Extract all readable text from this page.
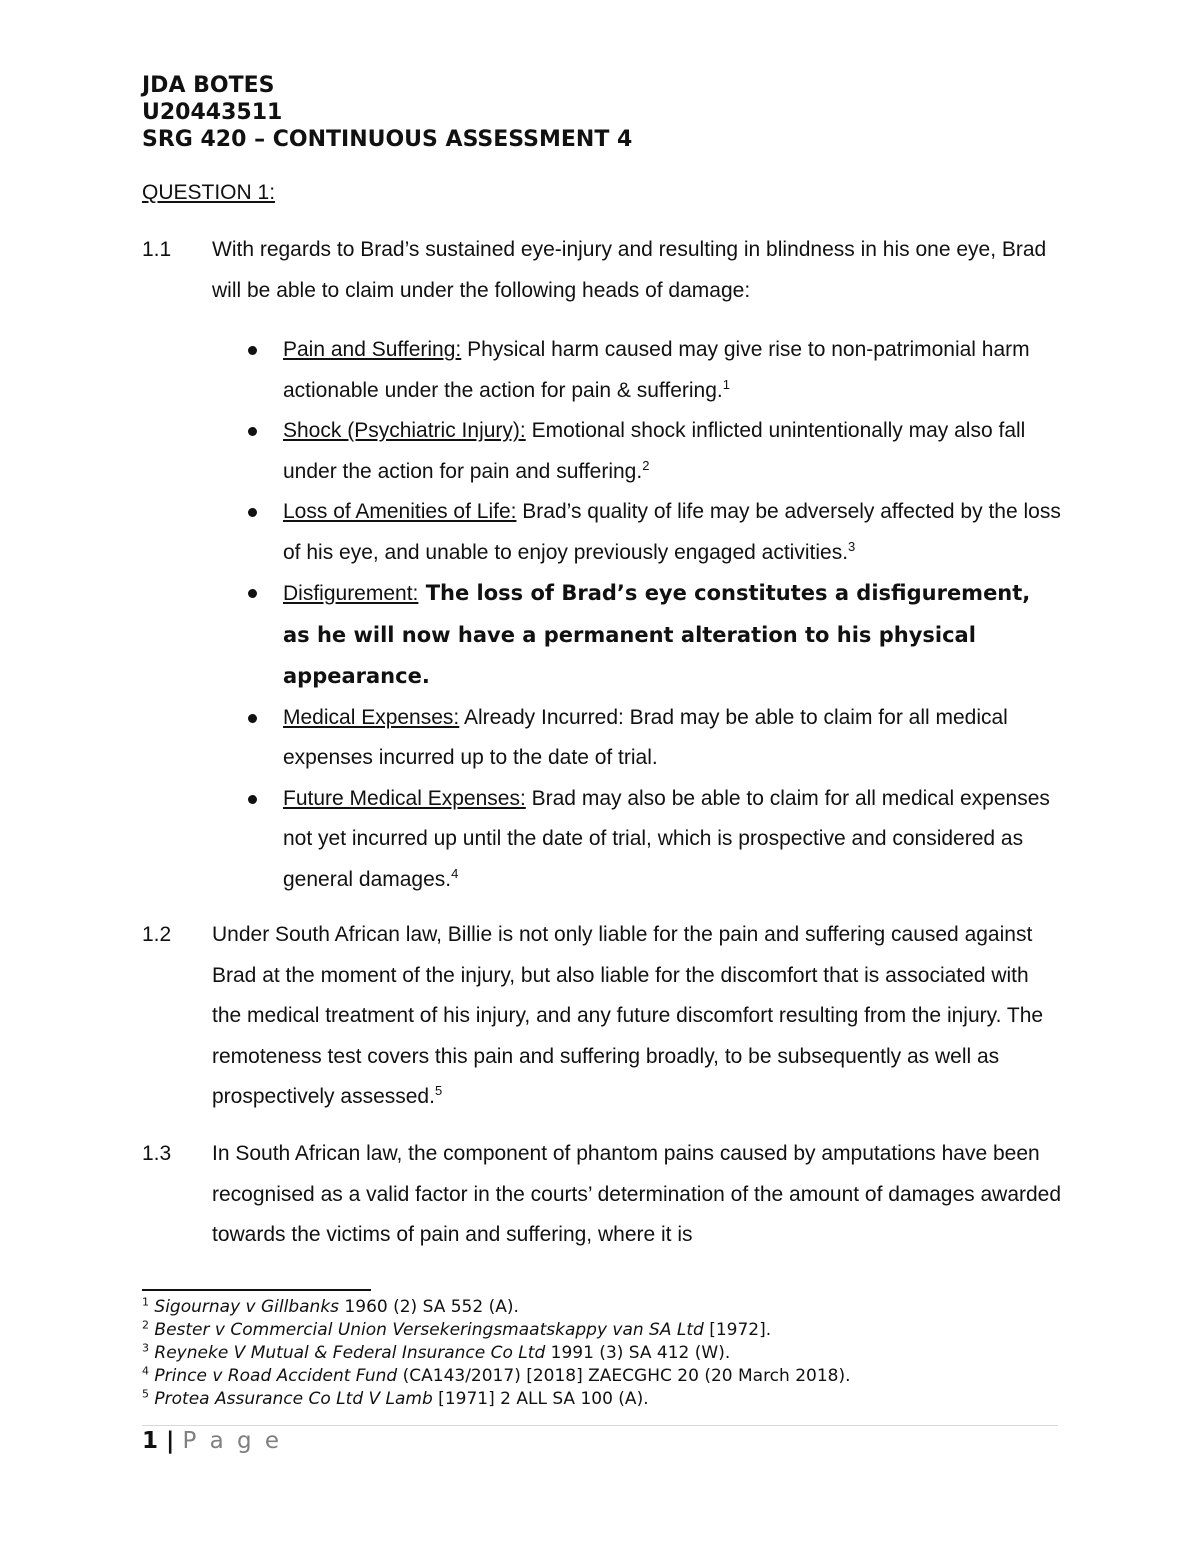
JDA BOTES
U20443511
SRG 420 – CONTINUOUS ASSESSMENT 4
QUESTION 1:
1.1 With regards to Brad’s sustained eye-injury and resulting in blindness in his one eye, Brad will be able to claim under the following heads of damage:
Pain and Suffering: Physical harm caused may give rise to non-patrimonial harm actionable under the action for pain & suffering.$^1$
Shock (Psychiatric Injury): Emotional shock inflicted unintentionally may also fall under the action for pain and suffering.$^2$
Loss of Amenities of Life: Brad’s quality of life may be adversely affected by the loss of his eye, and unable to enjoy previously engaged activities.$^3$
Disfigurement: The loss of Brad’s eye constitutes a disfigurement, as he will now have a permanent alteration to his physical appearance.
Medical Expenses: Already Incurred: Brad may be able to claim for all medical expenses incurred up to the date of trial.
Future Medical Expenses: Brad may also be able to claim for all medical expenses not yet incurred up until the date of trial, which is prospective and considered as general damages.$^4$
1.2 Under South African law, Billie is not only liable for the pain and suffering caused against Brad at the moment of the injury, but also liable for the discomfort that is associated with the medical treatment of his injury, and any future discomfort resulting from the injury. The remoteness test covers this pain and suffering broadly, to be subsequently as well as prospectively assessed.$^5$
1.3 In South African law, the component of phantom pains caused by amputations have been recognised as a valid factor in the courts’ determination of the amount of damages awarded towards the victims of pain and suffering, where it is
$^1$ Sigournay v Gillbanks 1960 (2) SA 552 (A).
$^2$ Bester v Commercial Union Versekeringsmaatskappy van SA Ltd [1972].
$^3$ Reyneke V Mutual & Federal Insurance Co Ltd 1991 (3) SA 412 (W).
$^4$ Prince v Road Accident Fund (CA143/2017) [2018] ZAECGHC 20 (20 March 2018).
$^5$ Protea Assurance Co Ltd V Lamb [1971] 2 ALL SA 100 (A).
1 | P a g e
